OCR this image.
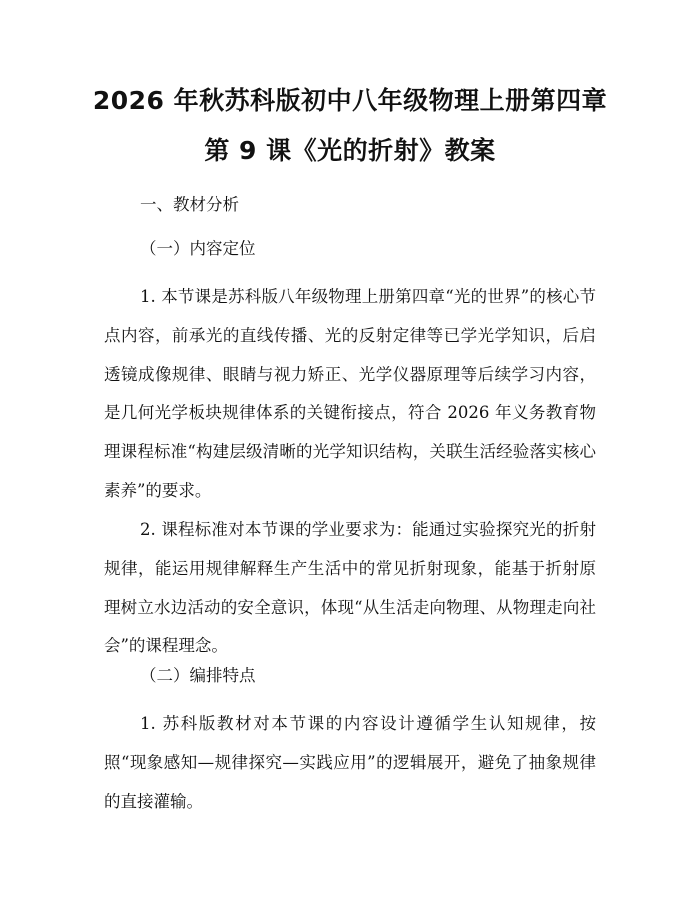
2026 年秋苏科版初中八年级物理上册第四章
第 9 课《光的折射》教案
一、教材分析
（一）内容定位
1. 本节课是苏科版八年级物理上册第四章“光的世界”的核心节点内容，前承光的直线传播、光的反射定律等已学光学知识，后启透镜成像规律、眼睛与视力矫正、光学仪器原理等后续学习内容，是几何光学板块规律体系的关键衔接点，符合 2026 年义务教育物理课程标准“构建层级清晰的光学知识结构，关联生活经验落实核心素养”的要求。
2. 课程标准对本节课的学业要求为：能通过实验探究光的折射规律，能运用规律解释生产生活中的常见折射现象，能基于折射原理树立水边活动的安全意识，体现“从生活走向物理、从物理走向社会”的课程理念。
（二）编排特点
1. 苏科版教材对本节课的内容设计遵循学生认知规律，按照“现象感知—规律探究—实践应用”的逻辑展开，避免了抽象规律的直接灌输。
